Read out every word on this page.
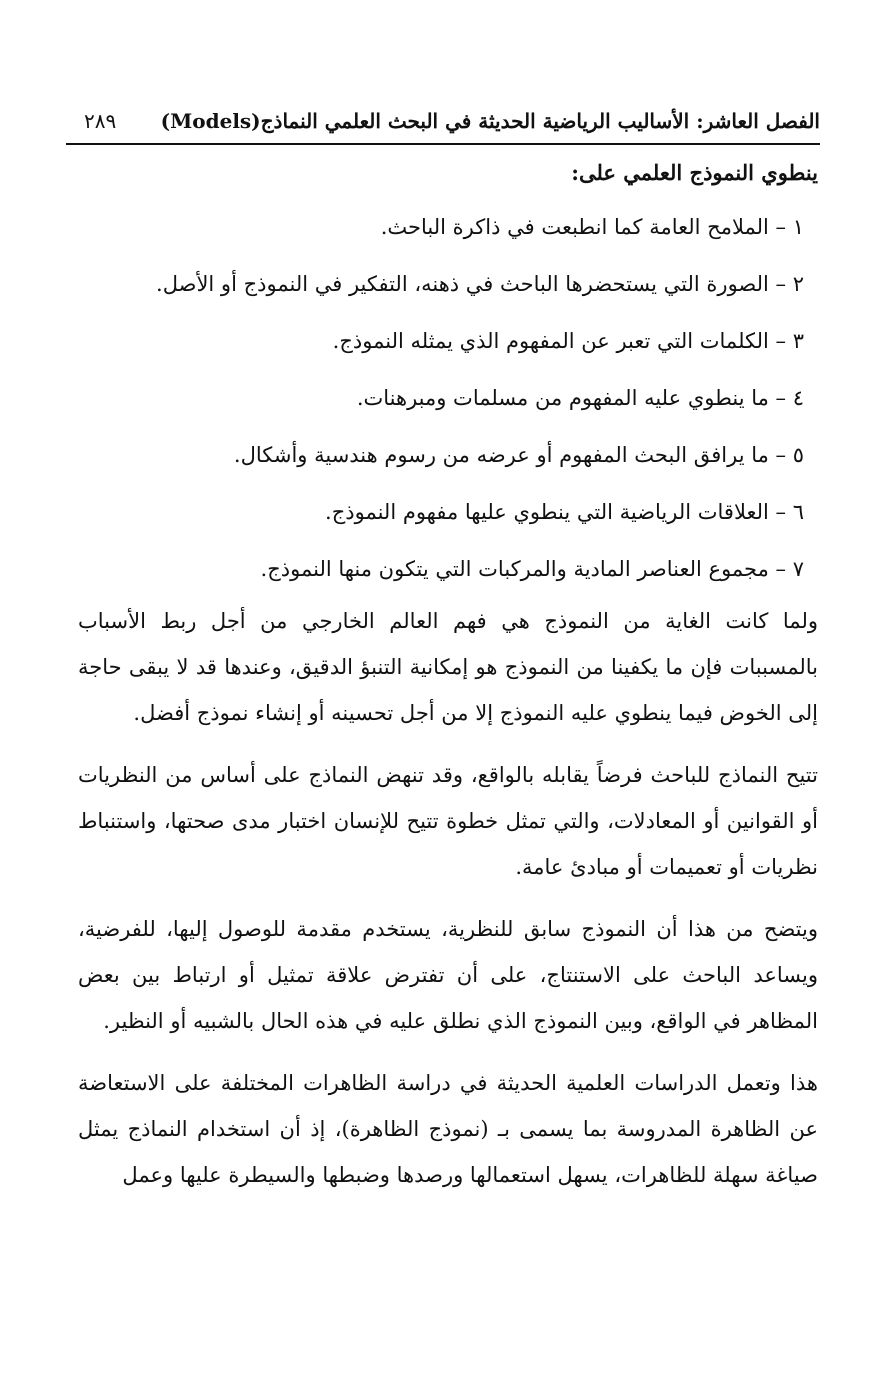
الفصل العاشر: الأساليب الرياضية الحديثة في البحث العلمي النماذج(Models)
٢٨٩
ينطوي النموذج العلمي على:
١ – الملامح العامة كما انطبعت في ذاكرة الباحث.
٢ – الصورة التي يستحضرها الباحث في ذهنه، التفكير في النموذج أو الأصل.
٣ – الكلمات التي تعبر عن المفهوم الذي يمثله النموذج.
٤ – ما ينطوي عليه المفهوم من مسلمات ومبرهنات.
٥ – ما يرافق البحث المفهوم أو عرضه من رسوم هندسية وأشكال.
٦ – العلاقات الرياضية التي ينطوي عليها مفهوم النموذج.
٧ – مجموع العناصر المادية والمركبات التي يتكون منها النموذج.

ولما كانت الغاية من النموذج هي فهم العالم الخارجي من أجل ربط الأسباب بالمسببات فإن ما يكفينا من النموذج هو إمكانية التنبؤ الدقيق، وعندها قد لا يبقى حاجة إلى الخوض فيما ينطوي عليه النموذج إلا من أجل تحسينه أو إنشاء نموذج أفضل.

تتيح النماذج للباحث فرضاً يقابله بالواقع، وقد تنهض النماذج على أساس من النظريات أو القوانين أو المعادلات، والتي تمثل خطوة تتيح للإنسان اختبار مدى صحتها، واستنباط نظريات أو تعميمات أو مبادئ عامة.

ويتضح من هذا أن النموذج سابق للنظرية، يستخدم مقدمة للوصول إليها، للفرضية، ويساعد الباحث على الاستنتاج، على أن تفترض علاقة تمثيل أو ارتباط بين بعض المظاهر في الواقع، وبين النموذج الذي نطلق عليه في هذه الحال بالشبيه أو النظير.

هذا وتعمل الدراسات العلمية الحديثة في دراسة الظاهرات المختلفة على الاستعاضة عن الظاهرة المدروسة بما يسمى بـ (نموذج الظاهرة)، إذ أن استخدام النماذج يمثل صياغة سهلة للظاهرات، يسهل استعمالها ورصدها وضبطها والسيطرة عليها وعمل
